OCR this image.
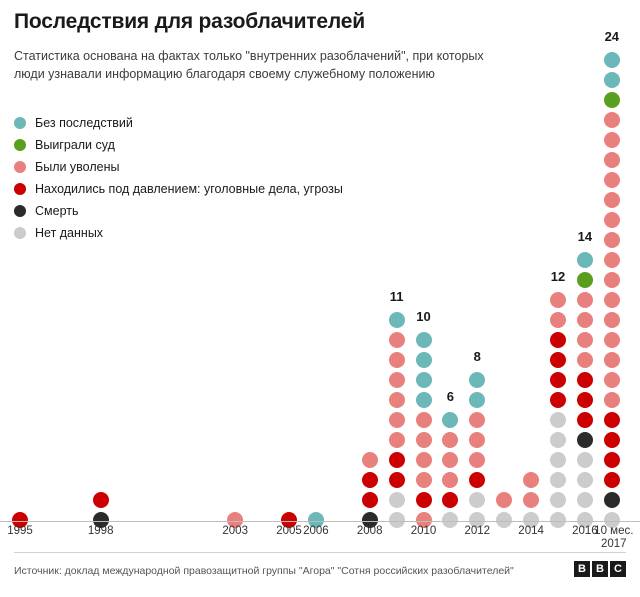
Последствия для разоблачителей
Статистика основана на фактах только "внутренних разоблачений", при которых люди узнавали информацию благодаря своему служебному положению
Без последствий
Выиграли суд
Были уволены
Находились под давлением: уголовные дела, угрозы
Смерть
Нет данных
11
10
6
8
12
14
24
1995	1998	2003	2005 2006	2008	2010	2012	2014	2016
10 мес.
2017
Источник: доклад международной правозащитной группы "Агора" "Сотня российских разоблачителей"	B B C
